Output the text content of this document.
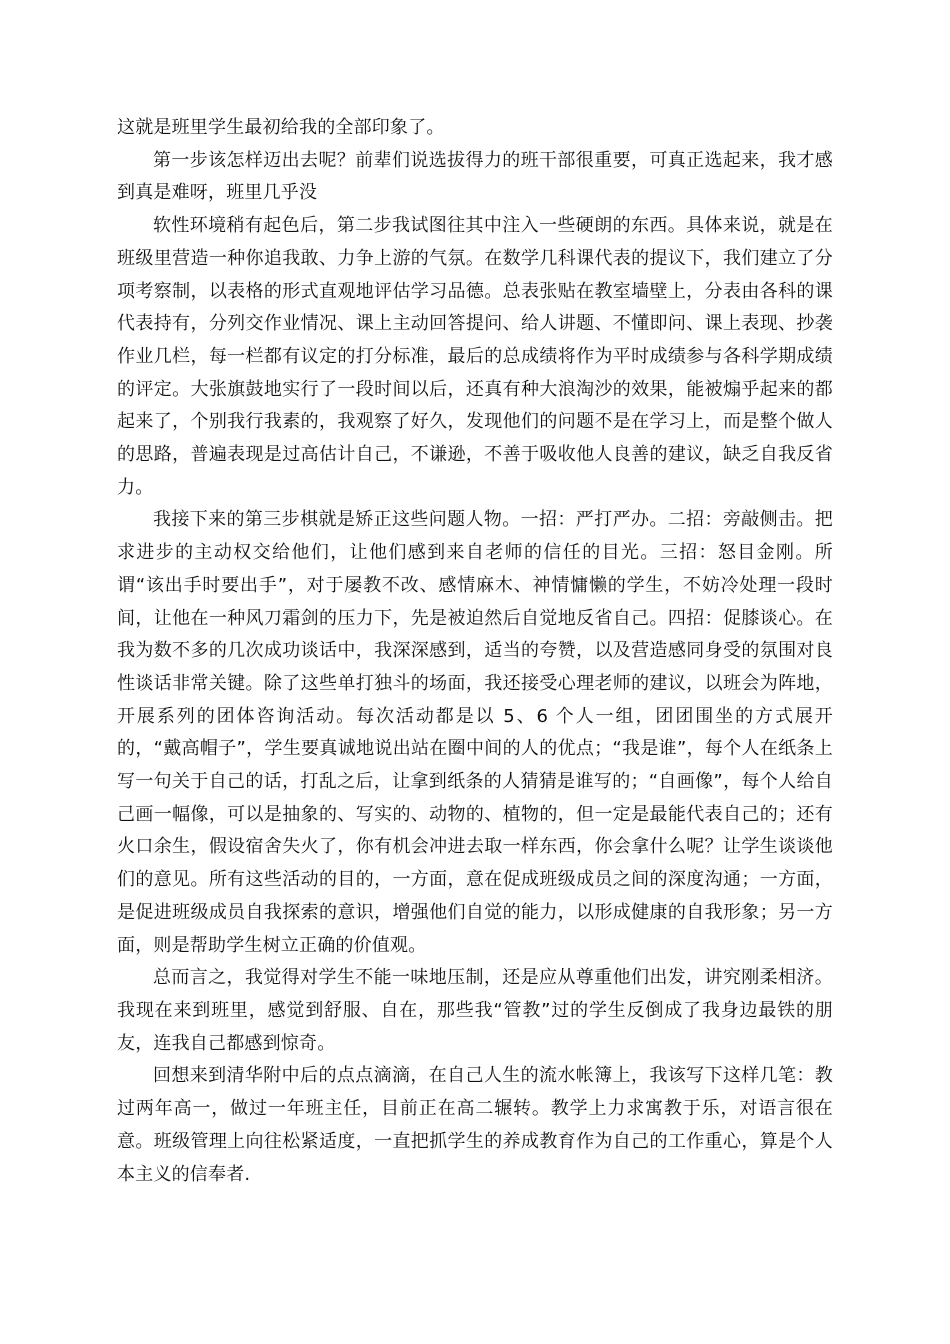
这就是班里学生最初给我的全部印象了。

第一步该怎样迈出去呢？前辈们说选拔得力的班干部很重要，可真正选起来，我才感到真是难呀，班里几乎没

软性环境稍有起色后，第二步我试图往其中注入一些硬朗的东西。具体来说，就是在班级里营造一种你追我敢、力争上游的气氛。在数学几科课代表的提议下，我们建立了分项考察制，以表格的形式直观地评估学习品德。总表张贴在教室墙壁上，分表由各科的课代表持有，分列交作业情况、课上主动回答提问、给人讲题、不懂即问、课上表现、抄袭作业几栏，每一栏都有议定的打分标准，最后的总成绩将作为平时成绩参与各科学期成绩的评定。大张旗鼓地实行了一段时间以后，还真有种大浪淘沙的效果，能被煽乎起来的都起来了，个别我行我素的，我观察了好久，发现他们的问题不是在学习上，而是整个做人的思路，普遍表现是过高估计自己，不谦逊，不善于吸收他人良善的建议，缺乏自我反省力。

我接下来的第三步棋就是矫正这些问题人物。一招：严打严办。二招：旁敲侧击。把求进步的主动权交给他们，让他们感到来自老师的信任的目光。三招：怒目金刚。所谓“该出手时要出手”，对于屡教不改、感情麻木、神情慵懒的学生，不妨冷处理一段时间，让他在一种风刀霜剑的压力下，先是被迫然后自觉地反省自己。四招：促膝谈心。在我为数不多的几次成功谈话中，我深深感到，适当的夸赞，以及营造感同身受的氛围对良性谈话非常关键。除了这些单打独斗的场面，我还接受心理老师的建议，以班会为阵地，开展系列的团体咨询活动。每次活动都是以 5、6 个人一组，团团围坐的方式展开的，“戴高帽子”，学生要真诚地说出站在圈中间的人的优点；“我是谁”，每个人在纸条上写一句关于自己的话，打乱之后，让拿到纸条的人猜猜是谁写的；“自画像”，每个人给自己画一幅像，可以是抽象的、写实的、动物的、植物的，但一定是最能代表自己的；还有火口余生，假设宿舍失火了，你有机会冲进去取一样东西，你会拿什么呢？让学生谈谈他们的意见。所有这些活动的目的，一方面，意在促成班级成员之间的深度沟通；一方面，是促进班级成员自我探索的意识，增强他们自觉的能力，以形成健康的自我形象；另一方面，则是帮助学生树立正确的价值观。

总而言之，我觉得对学生不能一味地压制，还是应从尊重他们出发，讲究刚柔相济。我现在来到班里，感觉到舒服、自在，那些我“管教”过的学生反倒成了我身边最铁的朋友，连我自己都感到惊奇。

回想来到清华附中后的点点滴滴，在自己人生的流水帐簿上，我该写下这样几笔：教过两年高一，做过一年班主任，目前正在高二辗转。教学上力求寓教于乐，对语言很在意。班级管理上向往松紧适度，一直把抓学生的养成教育作为自己的工作重心，算是个人本主义的信奉者.
